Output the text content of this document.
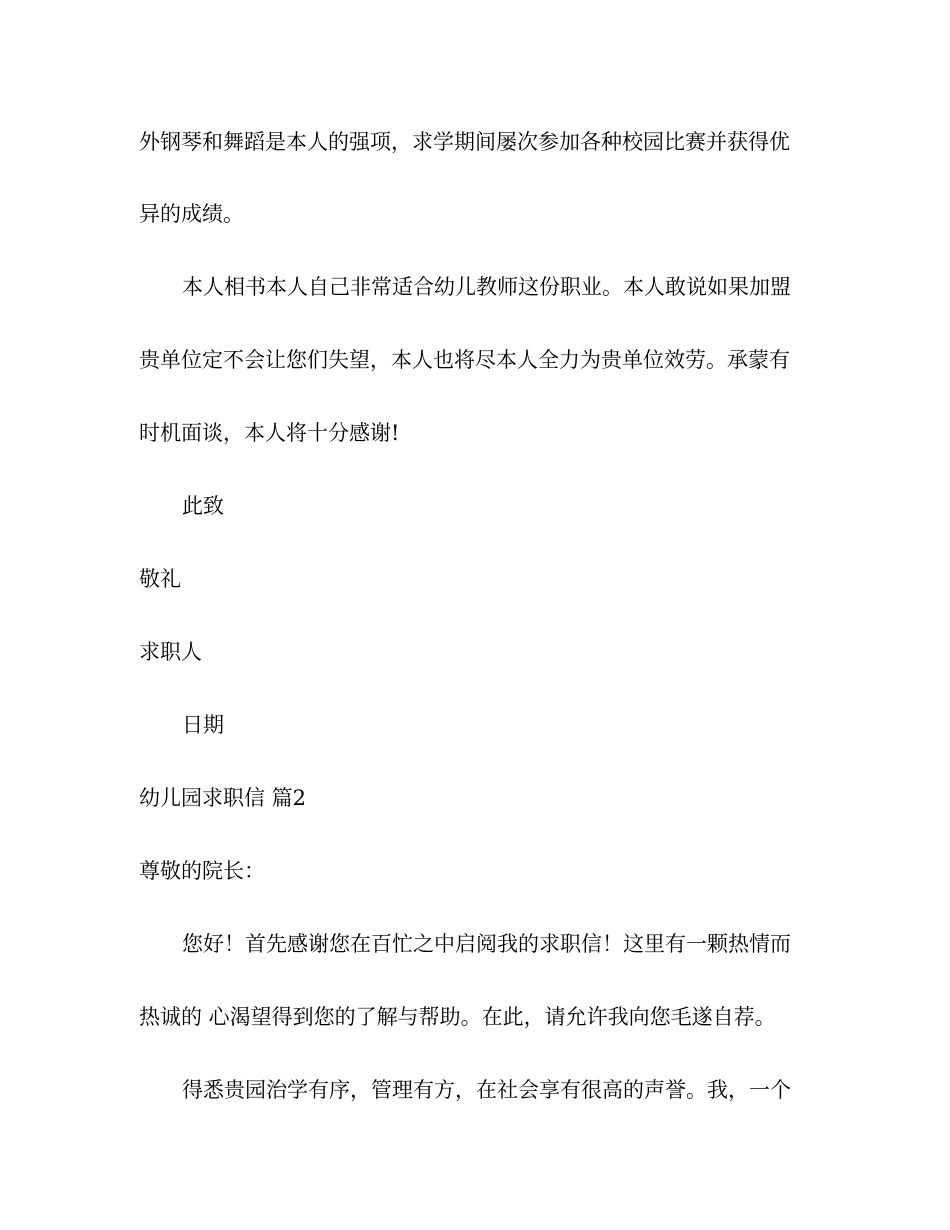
外钢琴和舞蹈是本人的强项，求学期间屡次参加各种校园比赛并获得优
异的成绩。
本人相书本人自己非常适合幼儿教师这份职业。本人敢说如果加盟
贵单位定不会让您们失望，本人也将尽本人全力为贵单位效劳。承蒙有
时机面谈，本人将十分感谢!
此致
敬礼
求职人
日期
幼儿园求职信 篇2
尊敬的院长：
您好！首先感谢您在百忙之中启阅我的求职信！这里有一颗热情而
热诚的 心渴望得到您的了解与帮助。在此，请允许我向您毛遂自荐。
得悉贵园治学有序，管理有方，在社会享有很高的声誉。我，一个
